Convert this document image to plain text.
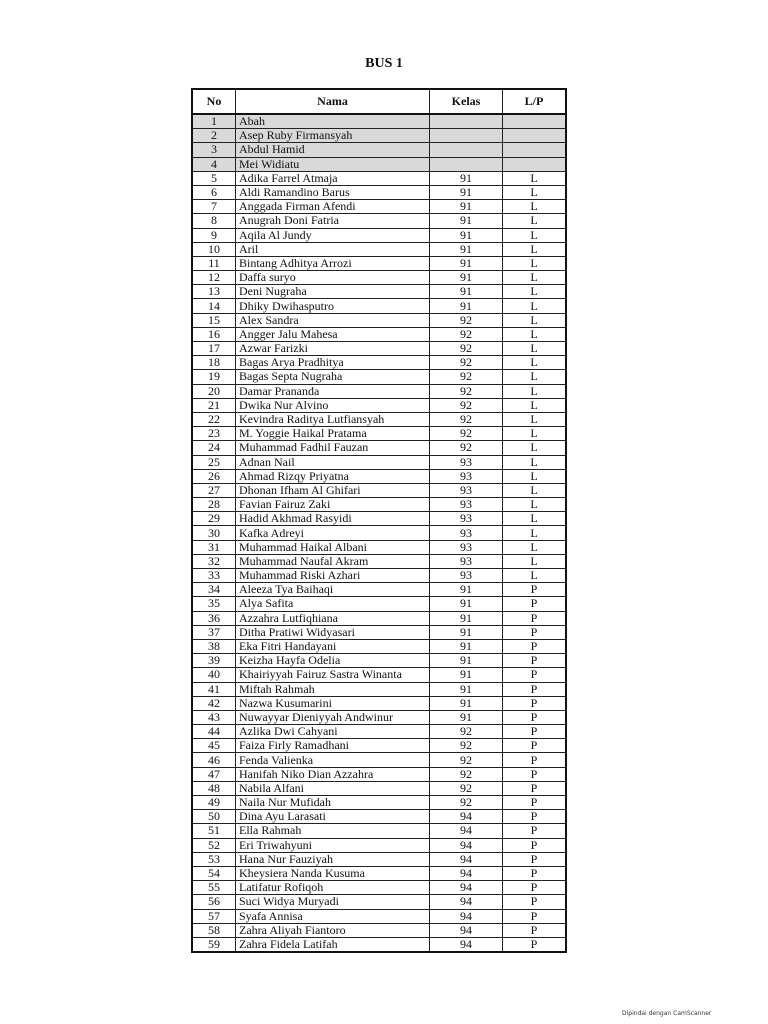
BUS 1
No	Nama	Kelas	L/P
1	Abah		
2	Asep Ruby Firmansyah		
3	Abdul Hamid		
4	Mei Widiatu		
5	Adika Farrel Atmaja	91	L
6	Aldi Ramandino Barus	91	L
7	Anggada Firman Afendi	91	L
8	Anugrah Doni Fatria	91	L
9	Aqila Al Jundy	91	L
10	Aril	91	L
11	Bintang Adhitya Arrozi	91	L
12	Daffa suryo	91	L
13	Deni Nugraha	91	L
14	Dhiky Dwihasputro	91	L
15	Alex Sandra	92	L
16	Angger Jalu Mahesa	92	L
17	Azwar Farizki	92	L
18	Bagas Arya Pradhitya	92	L
19	Bagas Septa Nugraha	92	L
20	Damar Prananda	92	L
21	Dwika Nur Alvino	92	L
22	Kevindra Raditya Lutfiansyah	92	L
23	M. Yoggie Haikal Pratama	92	L
24	Muhammad Fadhil Fauzan	92	L
25	Adnan Nail	93	L
26	Ahmad Rizqy Priyatna	93	L
27	Dhonan Ifham Al Ghifari	93	L
28	Favian Fairuz Zaki	93	L
29	Hadid Akhmad Rasyidi	93	L
30	Kafka Adreyi	93	L
31	Muhammad Haikal Albani	93	L
32	Muhammad Naufal Akram	93	L
33	Muhammad Riski Azhari	93	L
34	Aleeza Tya Baihaqi	91	P
35	Alya Safita	91	P
36	Azzahra Lutfiqhiana	91	P
37	Ditha Pratiwi Widyasari	91	P
38	Eka Fitri Handayani	91	P
39	Keizha Hayfa Odelia	91	P
40	Khairiyyah Fairuz Sastra Winanta	91	P
41	Miftah Rahmah	91	P
42	Nazwa Kusumarini	91	P
43	Nuwayyar Dieniyyah Andwinur	91	P
44	Azlika Dwi Cahyani	92	P
45	Faiza Firly Ramadhani	92	P
46	Fenda Valienka	92	P
47	Hanifah Niko Dian Azzahra	92	P
48	Nabila Alfani	92	P
49	Naila Nur Mufidah	92	P
50	Dina Ayu Larasati	94	P
51	Ella Rahmah	94	P
52	Eri Triwahyuni	94	P
53	Hana Nur Fauziyah	94	P
54	Kheysiera Nanda Kusuma	94	P
55	Latifatur Rofiqoh	94	P
56	Suci Widya Muryadi	94	P
57	Syafa Annisa	94	P
58	Zahra Aliyah Fiantoro	94	P
59	Zahra Fidela Latifah	94	P
Dipindai dengan CamScanner
